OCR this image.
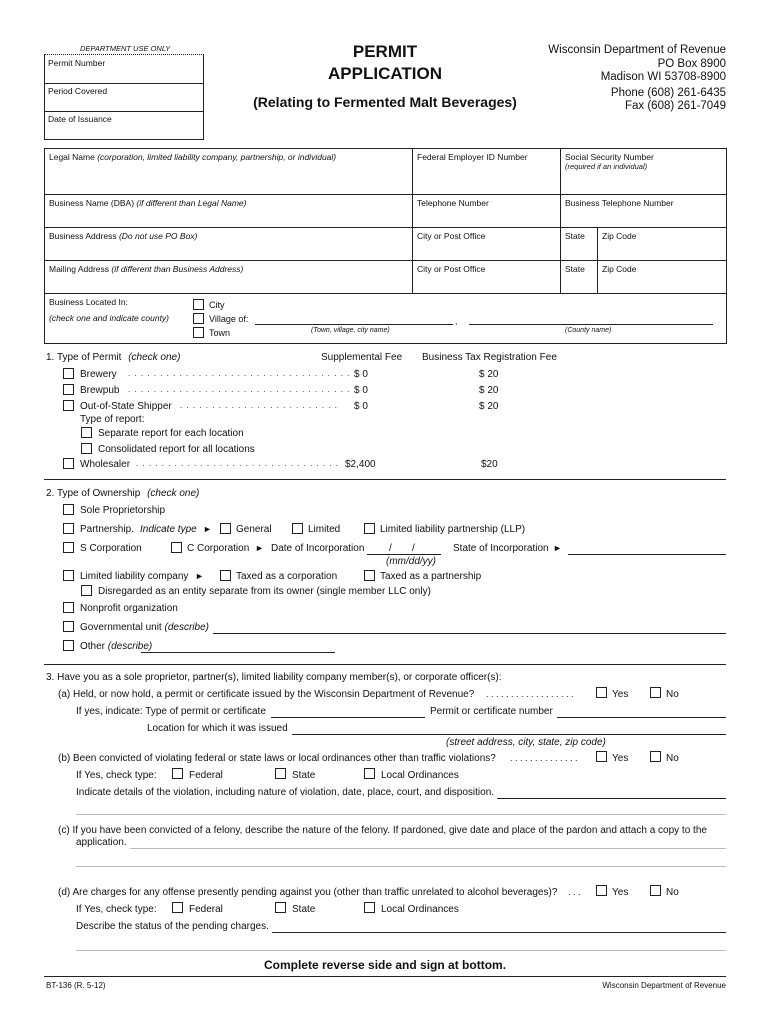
DEPARTMENT USE ONLY
Permit Number
Period Covered
Date of Issuance
PERMIT
APPLICATION
(Relating to Fermented Malt Beverages)
Wisconsin Department of Revenue
PO Box 8900
Madison WI 53708-8900
Phone (608) 261-6435
Fax (608) 261-7049
Legal Name (corporation, limited liability company, partnership, or individual)	Federal Employer ID Number	Social Security Number
(required if an individual)
Business Name (DBA) (if different than Legal Name)	Telephone Number	Business Telephone Number
Business Address (Do not use PO Box)	City or Post Office	State	Zip Code
Mailing Address (if different than Business Address)	City or Post Office	State	Zip Code
Business Located In:
(check one and indicate county)
City
Village of:
Town	(Town, village, city name)
,
(County name)
1. Type of Permit (check one)	Supplemental Fee Business Tax Registration Fee
Brewery . . . . . . . . . . . . . . . . . . . . . . . . . . . . . . . . . . . $ 0	$ 20
Brewpub . . . . . . . . . . . . . . . . . . . . . . . . . . . . . . . . . . . $ 0	$ 20
Out-of-State Shipper . . . . . . . . . . . . . . . . . . . . . . . . . $ 0	$ 20
Type of report:
Separate report for each location
Consolidated report for all locations
Wholesaler . . . . . . . . . . . . . . . . . . . . . . . . . . . . . . . . $2,400	$20
2. Type of Ownership (check one)
Sole Proprietorship
Partnership. Indicate type ► General	Limited	Limited liability partnership (LLP)
S Corporation	C Corporation ► Date of Incorporation / /
(mm/dd/yy)
State of Incorporation ►
Limited liability company ►	Taxed as a corporation	Taxed as a partnership
Disregarded as an entity separate from its owner (single member LLC only)
Nonprofit organization
Governmental unit (describe)
Other (describe)
3. Have you as a sole proprietor, partner(s), limited liability company member(s), or corporate officer(s):
(a) Held, or now hold, a permit or certificate issued by the Wisconsin Department of Revenue? . . . . . . . . . . . . . . . . . .	Yes	No
If yes, indicate: Type of permit or certificate	Permit or certificate number
Location for which it was issued
(street address, city, state, zip code)
(b) Been convicted of violating federal or state laws or local ordinances other than traffic violations? . . . . . . . . . . . . . .	Yes	No
If Yes, check type:	Federal	State	Local Ordinances
Indicate details of the violation, including nature of violation, date, place, court, and disposition.
(c) If you have been convicted of a felony, describe the nature of the felony. If pardoned, give date and place of the pardon and attach a copy to the
application.
(d) Are charges for any offense presently pending against you (other than traffic unrelated to alcohol beverages)? . . .	Yes	No
If Yes, check type:	Federal	State	Local Ordinances
Describe the status of the pending charges.
Complete reverse side and sign at bottom.
BT-136 (R. 5-12)	Wisconsin Department of Revenue
